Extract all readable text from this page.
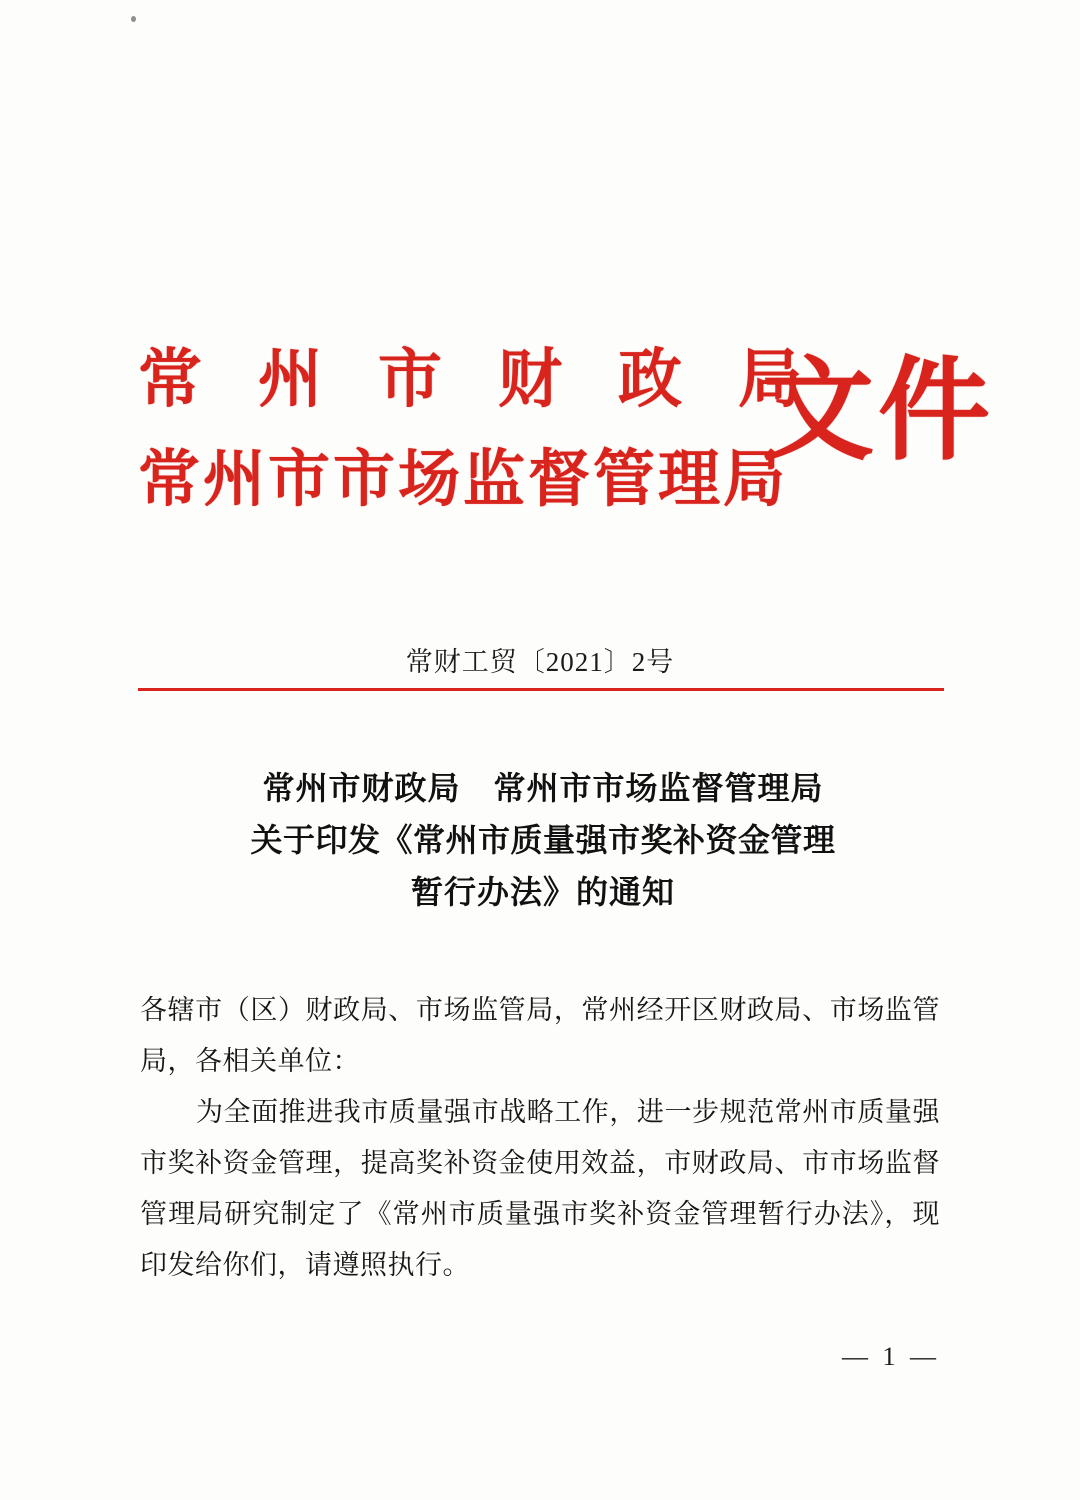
常 州 市 财 政 局
常州市市场监督管理局
文件
常财工贸〔2021〕2号
常州市财政局　常州市市场监督管理局
关于印发《常州市质量强市奖补资金管理
暂行办法》的通知

各辖市（区）财政局、市场监管局，常州经开区财政局、市场监管局，各相关单位：

为全面推进我市质量强市战略工作，进一步规范常州市质量强市奖补资金管理，提高奖补资金使用效益，市财政局、市市场监督管理局研究制定了《常州市质量强市奖补资金管理暂行办法》，现印发给你们，请遵照执行。

— 1 —
